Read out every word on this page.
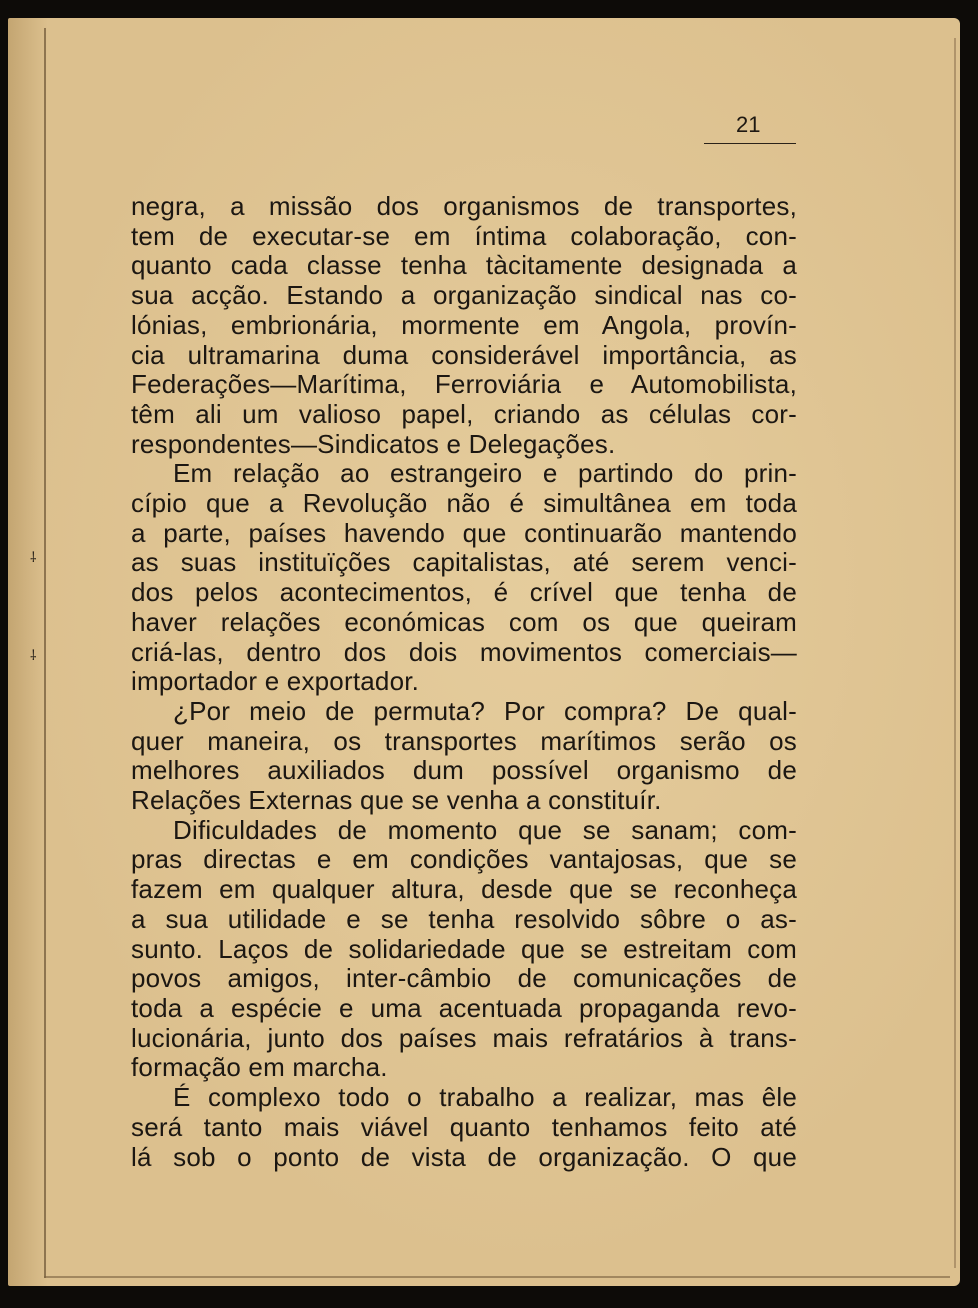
⸸
⸸
21
negra, a missão dos organismos de transportes,
tem de executar-se em íntima colaboração, con-
quanto cada classe tenha tàcitamente designada a
sua acção. Estando a organização sindical nas co-
lónias, embrionária, mormente em Angola, provín-
cia ultramarina duma considerável importância, as
Federações—Marítima, Ferroviária e Automobilista,
têm ali um valioso papel, criando as células cor-
respondentes—Sindicatos e Delegações.
Em relação ao estrangeiro e partindo do prin-
cípio que a Revolução não é simultânea em toda
a parte, países havendo que continuarão mantendo
as suas instituïções capitalistas, até serem venci-
dos pelos acontecimentos, é crível que tenha de
haver relações económicas com os que queiram
criá-las, dentro dos dois movimentos comerciais—
importador e exportador.
¿Por meio de permuta? Por compra? De qual-
quer maneira, os transportes marítimos serão os
melhores auxiliados dum possível organismo de
Relações Externas que se venha a constituír.
Dificuldades de momento que se sanam; com-
pras directas e em condições vantajosas, que se
fazem em qualquer altura, desde que se reconheça
a sua utilidade e se tenha resolvido sôbre o as-
sunto. Laços de solidariedade que se estreitam com
povos amigos, inter-câmbio de comunicações de
toda a espécie e uma acentuada propaganda revo-
lucionária, junto dos países mais refratários à trans-
formação em marcha.
É complexo todo o trabalho a realizar, mas êle
será tanto mais viável quanto tenhamos feito até
lá sob o ponto de vista de organização. O que
